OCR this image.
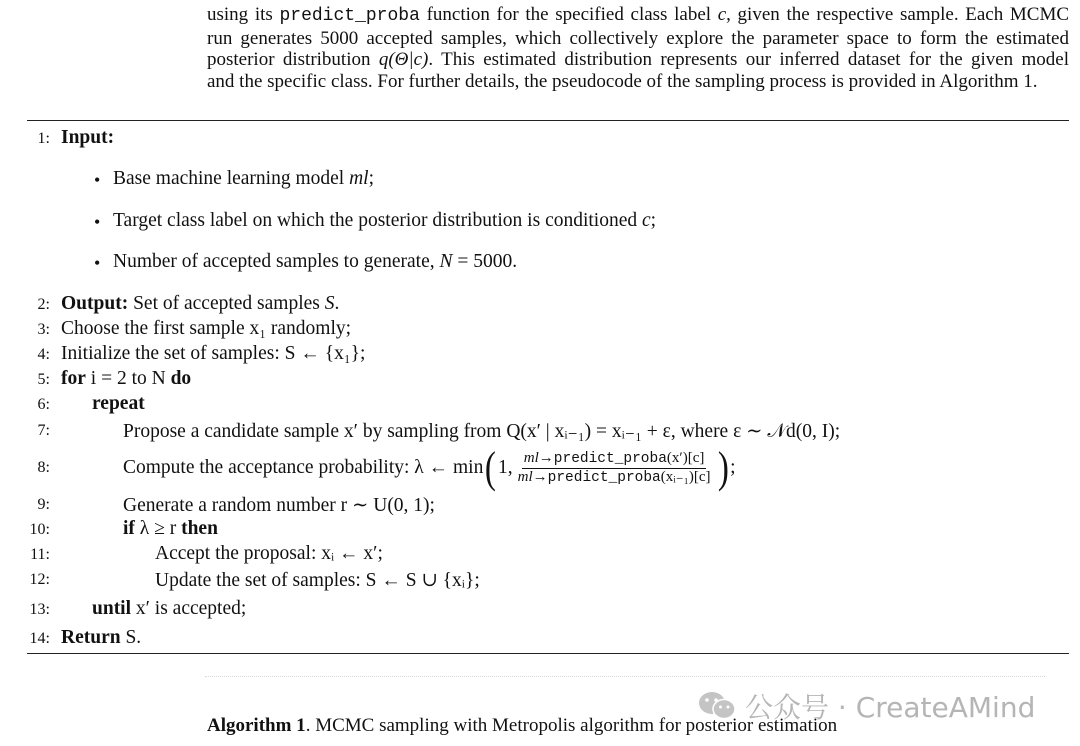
using its predict_proba function for the specified class label c, given the respective sample. Each MCMC
run generates 5000 accepted samples, which collectively explore the parameter space to form the estimated
posterior distribution q(Θ|c). This estimated distribution represents our inferred dataset for the given model
and the specific class. For further details, the pseudocode of the sampling process is provided in Algorithm 1.
1:
2:
3:
4:
5:
6:
7:
8:
9:
10:
11:
12:
13:
14:
Input:
• Base machine learning model ml;
• Target class label on which the posterior distribution is conditioned c;
• Number of accepted samples to generate, N = 5000.
Output: Set of accepted samples S.
Choose the first sample x₁ randomly;
Initialize the set of samples: S ← {x₁};
for i = 2 to N do
repeat
Propose a candidate sample x′ by sampling from Q(x′ | xᵢ₋₁) = xᵢ₋₁ + ε, where ε ∼ 𝒩d(0, I);
Compute the acceptance probability: λ ← min ( 1, $\frac{\text{ml→predict\_proba(x′)[c]}}{\text{ml→predict\_proba(xᵢ₋₁)[c]}}$ ) ;
Generate a random number r ∼ U(0, 1);
if λ ≥ r then
Accept the proposal: xᵢ ← x′;
Update the set of samples: S ← S ∪ {xᵢ};
until x′ is accepted;
Return S.
公众号 · CreateAMind
Algorithm 1. MCMC sampling with Metropolis algorithm for posterior estimation
